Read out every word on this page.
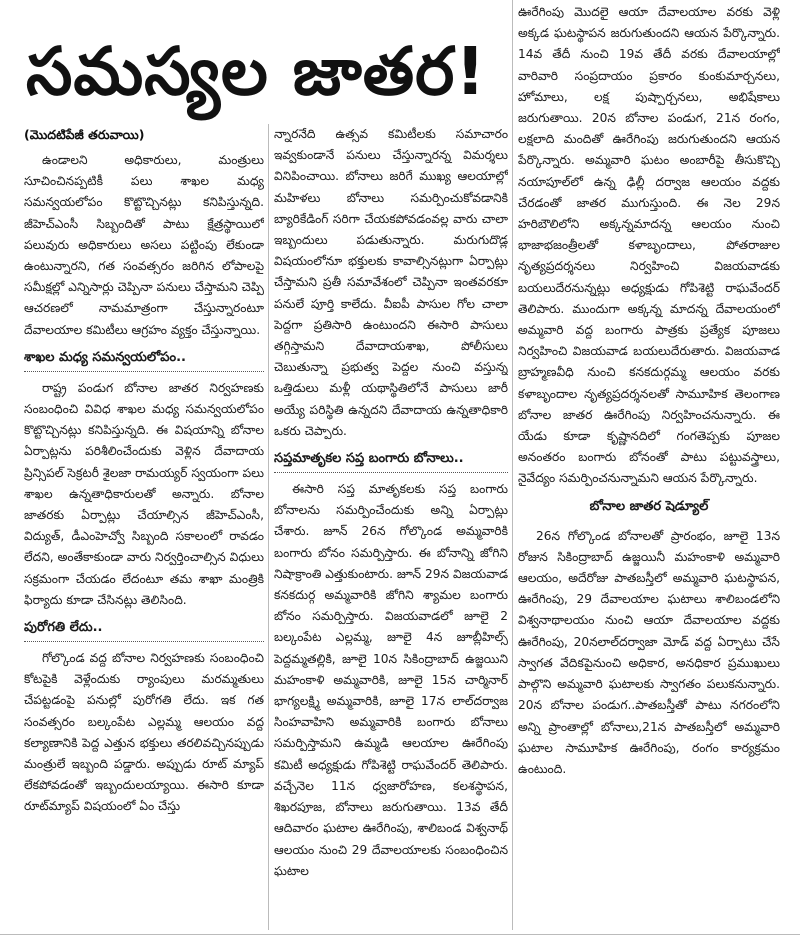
సమస్యల జాతర!
(మొదటిపేజీ తరువాయి)

ఉండాలని అధికారులు, మంత్రులు సూచించినప్పటికీ పలు శాఖల మధ్య సమన్వయలోపం కొట్టొచ్చినట్లు కనిపిస్తున్నది. జీహెచ్ఎంసీ సిబ్బందితో పాటు క్షేత్రస్థాయిలో పలువురు అధికారులు అసలు పట్టింపు లేకుండా ఉంటున్నారని, గత సంవత్సరం జరిగిన లోపాలపై సమీక్షల్లో ఎన్నిసార్లు చెప్పినా పనులు చేస్తామని చెప్పి ఆచరణలో నామమాత్రంగా చేస్తున్నారంటూ దేవాలయాల కమిటీలు ఆగ్రహం వ్యక్తం చేస్తున్నాయి.

శాఖల మధ్య సమన్వయలోపం..

రాష్ట్ర పండుగ బోనాల జాతర నిర్వహణకు సంబంధించి వివిధ శాఖల మధ్య సమన్వయలోపం కొట్టొచ్చినట్లు కనిపిస్తున్నది. ఈ విషయాన్ని బోనాల ఏర్పాట్లను పరిశీలించేందుకు వెళ్లిన దేవాదాయ ప్రిన్సిపల్ సెక్రటరీ శైలజా రామయ్యర్ స్వయంగా పలు శాఖల ఉన్నతాధికారులతో అన్నారు. బోనాల జాతరకు ఏర్పాట్లు చేయాల్సిన జీహెచ్ఎంసీ, విద్యుత్, డీఎంహెచ్వో సిబ్బంది సకాలంలో రావడం లేదని, అంతేకాకుండా వారు నిర్వర్తించాల్సిన విధులు సక్రమంగా చేయడం లేదంటూ తమ శాఖా మంత్రికి ఫిర్యాదు కూడా చేసినట్లు తెలిసింది.

పురోగతి లేదు..

గోల్కొండ వద్ద బోనాల నిర్వహణకు సంబంధించి కోటపైకి వెళ్లేందుకు ర్యాంపులు మరమ్మతులు చేపట్టడంపై పనుల్లో పురోగతి లేదు. ఇక గత సంవత్సరం బల్కంపేట ఎల్లమ్మ ఆలయం వద్ద కల్యాణానికి పెద్ద ఎత్తున భక్తులు తరలివచ్చినప్పుడు మంత్రులే ఇబ్బంది పడ్డారు. అప్పుడు రూట్ మ్యాప్ లేకపోవడంతో ఇబ్బందులయ్యాయి. ఈసారి కూడా రూట్‌మ్యాప్ విషయంలో ఏం చేస్తు

న్నారనేది ఉత్సవ కమిటీలకు సమాచారం ఇవ్వకుండానే పనులు చేస్తున్నారన్న విమర్శలు వినిపించాయి. బోనాలు జరిగే ముఖ్య ఆలయాల్లో మహిళలు బోనాలు సమర్పించుకోవడానికి బ్యారికేడింగ్ సరిగా చేయకపోవడంవల్ల వారు చాలా ఇబ్బందులు పడుతున్నారు. మరుగుదొడ్ల విషయంలోనూ భక్తులకు కావాల్సినట్లుగా ఏర్పాట్లు చేస్తామని ప్రతీ సమావేశంలో చెప్పినా ఇంతవరకూ పనులే పూర్తి కాలేదు. వీఐపీ పాసుల గోల చాలా పెద్దగా ప్రతిసారి ఉంటుందని ఈసారి పాసులు తగ్గిస్తామని దేవాదాయశాఖ, పోలీసులు చెబుతున్నా ప్రభుత్వ పెద్దల నుంచి వస్తున్న ఒత్తిడులు మళ్లీ యథాస్థితిలోనే పాసులు జారీ అయ్యే పరిస్థితి ఉన్నదని దేవాదాయ ఉన్నతాధికారి ఒకరు చెప్పారు.

సప్తమాతృకల సప్త బంగారు బోనాలు..

ఈసారి సప్త మాతృకలకు సప్త బంగారు బోనాలను సమర్పించేందుకు అన్ని ఏర్పాట్లు చేశారు. జూన్ 26న గోల్కొండ అమ్మవారికి బంగారు బోనం సమర్పిస్తారు. ఈ బోనాన్ని జోగిని నిషాక్రాంతి ఎత్తుకుంటారు. జూన్ 29న విజయవాడ కనకదుర్గ అమ్మవారికి జోగిని శ్యామల బంగారు బోనం సమర్పిస్తారు. విజయవాడలో జూలై 2 బల్కంపేట ఎల్లమ్మ, జూలై 4న జూబ్లీహిల్స్ పెద్దమ్మతల్లికి, జూలై 10న సికింద్రాబాద్ ఉజ్జయిని మహంకాళి అమ్మవారికి, జూలై 15న చార్మినార్ భాగ్యలక్ష్మి అమ్మవారికి, జూలై 17న లాల్‌దర్వాజ సింహవాహిని అమ్మవారికి బంగారు బోనాలు సమర్పిస్తామని ఉమ్మడి ఆలయాల ఊరేగింపు కమిటీ అధ్యక్షుడు గోపిశెట్టి రాఘవేందర్ తెలిపారు. వచ్చేనెల 11న ధ్వజారోహణ, కలశస్థాపన, శిఖరపూజ, బోనాలు జరుగుతాయి. 13వ తేదీ ఆదివారం ఘటాల ఊరేగింపు, శాలిబండ విశ్వనాథ్ ఆలయం నుంచి 29 దేవాలయాలకు సంబంధించిన ఘటాల

ఊరేగింపు మొదలై ఆయా దేవాలయాల వరకు వెళ్లి అక్కడ ఘటస్థాపన జరుగుతుందని ఆయన పేర్కొన్నారు. 14వ తేదీ నుంచి 19వ తేదీ వరకు దేవాలయాల్లో వారివారి సంప్రదాయం ప్రకారం కుంకుమార్చనలు, హోమాలు, లక్ష పుష్పార్చనలు, అభిషేకాలు జరుగుతాయి. 20న బోనాల పండుగ, 21న రంగం, లక్షలాది మందితో ఊరేగింపు జరుగుతుందని ఆయన పేర్కొన్నారు. అమ్మవారి ఘటం అంబారీపై తీసుకొచ్చి నయాపూల్‌లో ఉన్న ఢిల్లీ దర్వాజ ఆలయం వద్దకు చేరడంతో జాతర ముగుస్తుంది. ఈ నెల 29న హరిబౌలిలోని అక్కన్నమాదన్న ఆలయం నుంచి భాజాభజంత్రీలతో కళాబృందాలు, పోతరాజుల నృత్యప్రదర్శనలు నిర్వహించి విజయవాడకు బయలుదేరనున్నట్లు అధ్యక్షుడు గోపిశెట్టి రాఘవేందర్ తెలిపారు. ముందుగా అక్కన్న మాదన్న దేవాలయంలో అమ్మవారి వద్ద బంగారు పాత్రకు ప్రత్యేక పూజలు నిర్వహించి విజయవాడ బయలుదేరుతారు. విజయవాడ బ్రాహ్మణవీధి నుంచి కనకదుర్గమ్మ ఆలయం వరకు కళాబృందాల నృత్యప్రదర్శనలతో సామూహిక తెలంగాణ బోనాల జాతర ఊరేగింపు నిర్వహించనున్నారు. ఈ యేడు కూడా కృష్ణానదిలో గంగతెప్పకు పూజల అనంతరం బంగారు బోనంతో పాటు పట్టువస్త్రాలు, నైవేద్యం సమర్పించనున్నామని ఆయన పేర్కొన్నారు.

బోనాల జాతర షెడ్యూల్

26న గోల్కొండ బోనాలతో ప్రారంభం, జూలై 13న రోజున సికింద్రాబాద్ ఉజ్జయినీ మహంకాళి అమ్మవారి ఆలయం, అదేరోజు పాతబస్తీలో అమ్మవారి ఘటస్థాపన, ఊరేగింపు, 29 దేవాలయాల ఘటాలు శాలిబండలోని విశ్వనాథాలయం నుంచి ఆయా దేవాలయాల వద్దకు ఊరేగింపు, 20నలాల్‌దర్వాజా మోడ్ వద్ద ఏర్పాటు చేసే స్వాగత వేదికపైనుంచి అధికార, అనధికార ప్రముఖులు పాల్గొని అమ్మవారి ఘటాలకు స్వాగతం పలుకనున్నారు. 20న బోనాల పండుగ..పాతబస్తీతో పాటు నగరంలోని అన్ని ప్రాంతాల్లో బోనాలు,21న పాతబస్తీలో అమ్మవారి ఘటాల సామూహిక ఊరేగింపు, రంగం కార్యక్రమం ఉంటుంది.
